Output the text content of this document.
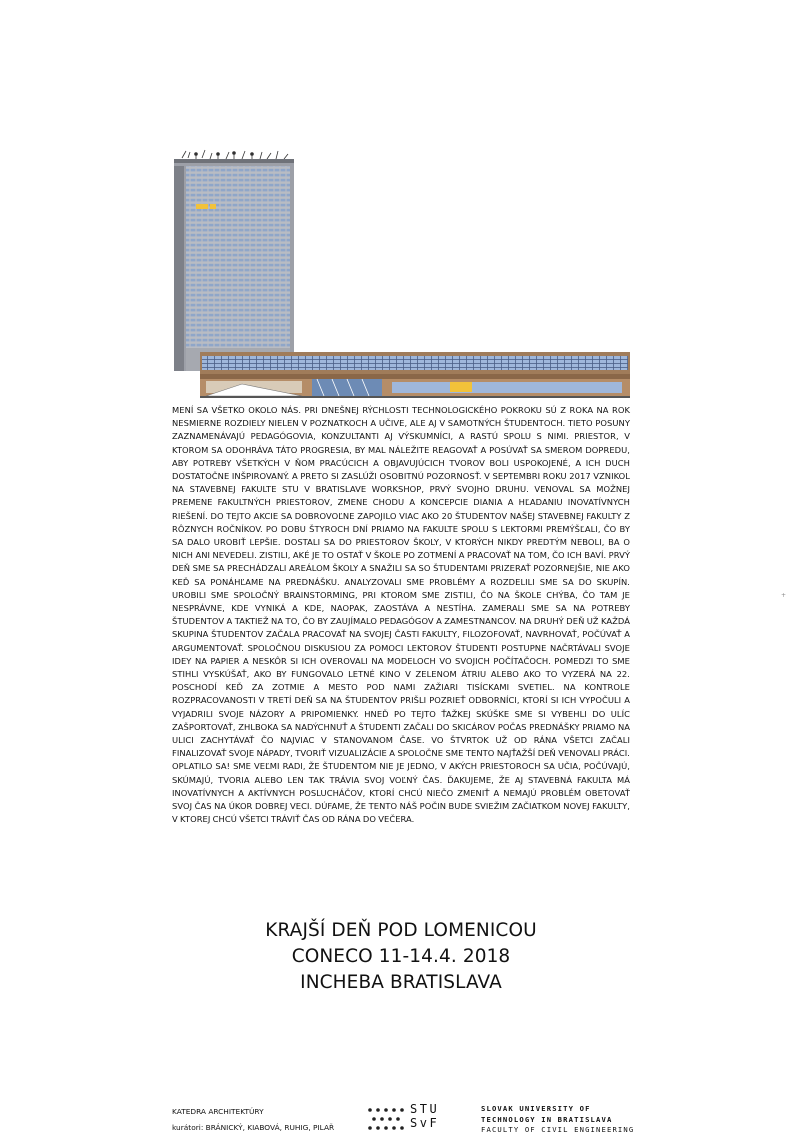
MENÍ SA VŠETKO OKOLO NÁS. PRI DNEŠNEJ RÝCHLOSTI TECHNOLOGICKÉHO POKROKU SÚ Z ROKA NA ROK NESMIERNE ROZDIELY NIELEN V POZNATKOCH A UČIVE, ALE AJ V SAMOTNÝCH ŠTUDENTOCH. TIETO POSUNY ZAZNAMENÁVAJÚ PEDAGÓGOVIA, KONZULTANTI AJ VÝSKUMNÍCI, A RASTÚ SPOLU S NIMI. PRIESTOR, V KTOROM SA ODOHRÁVA TÁTO PROGRESIA, BY MAL NÁLEŽITE REAGOVAŤ A POSÚVAŤ SA SMEROM DOPREDU, ABY POTREBY VŠETKÝCH V ŇOM PRACÚCICH A OBJAVUJÚCICH TVOROV BOLI USPOKOJENÉ, A ICH DUCH DOSTATOČNE INŠPIROVANÝ. A PRETO SI ZASLÚŽI OSOBITNÚ POZORNOSŤ. V SEPTEMBRI ROKU 2017 VZNIKOL NA STAVEBNEJ FAKULTE STU V BRATISLAVE WORKSHOP, PRVÝ SVOJHO DRUHU. VENOVAL SA MOŽNEJ PREMENE FAKULTNÝCH PRIESTOROV, ZMENE CHODU A KONCEPCIE DIANIA A HĽADANIU INOVATÍVNYCH RIEŠENÍ. DO TEJTO AKCIE SA DOBROVOĽNE ZAPOJILO VIAC AKO 20 ŠTUDENTOV NAŠEJ STAVEBNEJ FAKULTY Z RÔZNYCH ROČNÍKOV. PO DOBU ŠTYROCH DNÍ PRIAMO NA FAKULTE SPOLU S LEKTORMI PREMÝŠĽALI, ČO BY SA DALO UROBIŤ LEPŠIE. DOSTALI SA DO PRIESTOROV ŠKOLY, V KTORÝCH NIKDY PREDTÝM NEBOLI, BA O NICH ANI NEVEDELI. ZISTILI, AKÉ JE TO OSTAŤ V ŠKOLE PO ZOTMENÍ A PRACOVAŤ NA TOM, ČO ICH BAVÍ. PRVÝ DEŇ SME SA PRECHÁDZALI AREÁLOM ŠKOLY A SNAŽILI SA SO ŠTUDENTAMI PRIZERAŤ POZORNEJŠIE, NIE AKO KEĎ SA PONÁHĽAME NA PREDNÁŠKU. ANALYZOVALI SME PROBLÉMY A ROZDELILI SME SA DO SKUPÍN. UROBILI SME SPOLOČNÝ BRAINSTORMING, PRI KTOROM SME ZISTILI, ČO NA ŠKOLE CHÝBA, ČO TAM JE NESPRÁVNE, KDE VYNIKÁ A KDE, NAOPAK, ZAOSTÁVA A NESTÍHA. ZAMERALI SME SA NA POTREBY ŠTUDENTOV A TAKTIEŽ NA TO, ČO BY ZAUJÍMALO PEDAGÓGOV A ZAMESTNANCOV. NA DRUHÝ DEŇ UŽ KAŽDÁ SKUPINA ŠTUDENTOV ZAČALA PRACOVAŤ NA SVOJEJ ČASTI FAKULTY, FILOZOFOVAŤ, NAVRHOVAŤ, POČÚVAŤ A ARGUMENTOVAŤ. SPOLOČNOU DISKUSIOU ZA POMOCI LEKTOROV ŠTUDENTI POSTUPNE NAČRTÁVALI SVOJE IDEY NA PAPIER A NESKÔR SI ICH OVEROVALI NA MODELOCH VO SVOJICH POČÍTAČOCH. POMEDZI TO SME STIHLI VYSKÚŠAŤ, AKO BY FUNGOVALO LETNÉ KINO V ZELENOM ÁTRIU ALEBO AKO TO VYZERÁ NA 22. POSCHODÍ KEĎ ZA ZOTMIE A MESTO POD NAMI ZAŽIARI TISÍCKAMI SVETIEL. NA KONTROLE ROZPRACOVANOSTI V TRETÍ DEŇ SA NA ŠTUDENTOV PRIŠLI POZRIEŤ ODBORNÍCI, KTORÍ SI ICH VYPOČULI A VYJADRILI SVOJE NÁZORY A PRIPOMIENKY. HNEĎ PO TEJTO ŤAŽKEJ SKÚŠKE SME SI VYBEHLI DO ULÍC ZAŠPORTOVAŤ, ZHLBOKA SA NADÝCHNUŤ A ŠTUDENTI ZAČALI DO SKICÁROV POČAS PREDNÁŠKY PRIAMO NA ULICI ZACHYTÁVAŤ ČO NAJVIAC V STANOVANOM ČASE. VO ŠTVRTOK UŽ OD RÁNA VŠETCI ZAČALI FINALIZOVAŤ SVOJE NÁPADY, TVORIŤ VIZUALIZÁCIE A SPOLOČNE SME TENTO NAJŤAŽŠÍ DEŇ VENOVALI PRÁCI. OPLATILO SA! SME VEĽMI RADI, ŽE ŠTUDENTOM NIE JE JEDNO, V AKÝCH PRIESTOROCH SA UČIA, POČÚVAJÚ, SKÚMAJÚ, TVORIA ALEBO LEN TAK TRÁVIA SVOJ VOĽNÝ ČAS. ĎAKUJEME, ŽE AJ STAVEBNÁ FAKULTA MÁ INOVATÍVNYCH A AKTÍVNYCH POSLUCHÁČOV, KTORÍ CHCÚ NIEČO ZMENIŤ A NEMAJÚ PROBLÉM OBETOVAŤ SVOJ ČAS NA ÚKOR DOBREJ VECI. DÚFAME, ŽE TENTO NÁŠ POČIN BUDE SVIEŽIM ZAČIATKOM NOVEJ FAKULTY, V KTOREJ CHCÚ VŠETCI TRÁVIŤ ČAS OD RÁNA DO VEČERA.

KRAJŠÍ DEŇ POD LOMENICOU
CONECO 11-14.4. 2018
INCHEBA BRATISLAVA
KATEDRA ARCHITEKTÚRY
kurátori: BRÁNICKÝ, KIABOVÁ, RUHIG, PILAŘ
STU
SvF
SLOVAK UNIVERSITY OF
TECHNOLOGY IN BRATISLAVA
FACULTY OF CIVIL ENGINEERING
+
